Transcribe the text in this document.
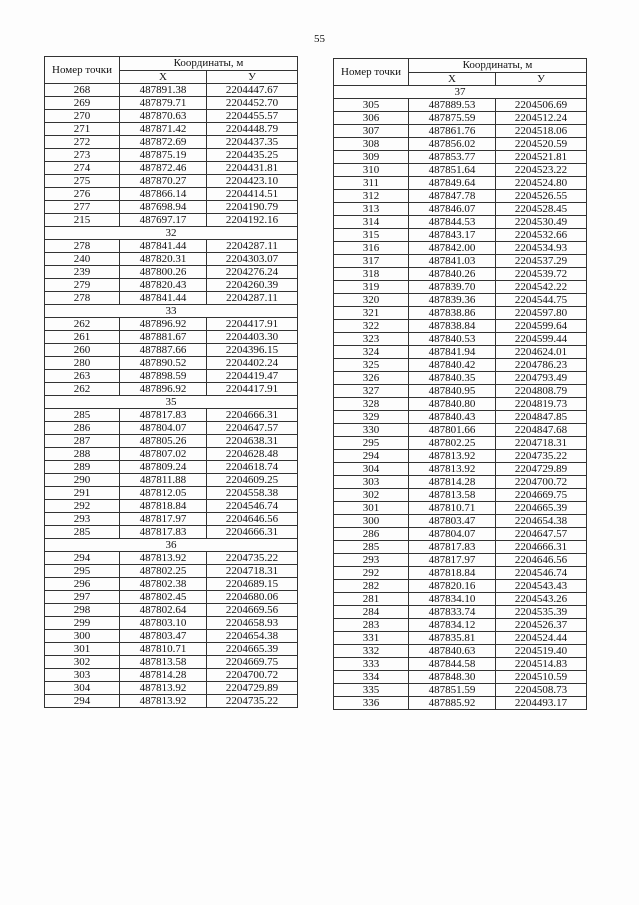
55
Номер точки	Координаты, м	
	X	У
268	487891.38	2204447.67
269	487879.71	2204452.70
270	487870.63	2204455.57
271	487871.42	2204448.79
272	487872.69	2204437.35
273	487875.19	2204435.25
274	487872.46	2204431.81
275	487870.27	2204423.10
276	487866.14	2204414.51
277	487698.94	2204190.79
215	487697.17	2204192.16
32		
278	487841.44	2204287.11
240	487820.31	2204303.07
239	487800.26	2204276.24
279	487820.43	2204260.39
278	487841.44	2204287.11
33		
262	487896.92	2204417.91
261	487881.67	2204403.30
260	487887.66	2204396.15
280	487890.52	2204402.24
263	487898.59	2204419.47
262	487896.92	2204417.91
35		
285	487817.83	2204666.31
286	487804.07	2204647.57
287	487805.26	2204638.31
288	487807.02	2204628.48
289	487809.24	2204618.74
290	487811.88	2204609.25
291	487812.05	2204558.38
292	487818.84	2204546.74
293	487817.97	2204646.56
285	487817.83	2204666.31
36		
294	487813.92	2204735.22
295	487802.25	2204718.31
296	487802.38	2204689.15
297	487802.45	2204680.06
298	487802.64	2204669.56
299	487803.10	2204658.93
300	487803.47	2204654.38
301	487810.71	2204665.39
302	487813.58	2204669.75
303	487814.28	2204700.72
304	487813.92	2204729.89
294	487813.92	2204735.22
Номер точки	Координаты, м	
	X	У
37		
305	487889.53	2204506.69
306	487875.59	2204512.24
307	487861.76	2204518.06
308	487856.02	2204520.59
309	487853.77	2204521.81
310	487851.64	2204523.22
311	487849.64	2204524.80
312	487847.78	2204526.55
313	487846.07	2204528.45
314	487844.53	2204530.49
315	487843.17	2204532.66
316	487842.00	2204534.93
317	487841.03	2204537.29
318	487840.26	2204539.72
319	487839.70	2204542.22
320	487839.36	2204544.75
321	487838.86	2204597.80
322	487838.84	2204599.64
323	487840.53	2204599.44
324	487841.94	2204624.01
325	487840.42	2204786.23
326	487840.35	2204793.49
327	487840.95	2204808.79
328	487840.80	2204819.73
329	487840.43	2204847.85
330	487801.66	2204847.68
295	487802.25	2204718.31
294	487813.92	2204735.22
304	487813.92	2204729.89
303	487814.28	2204700.72
302	487813.58	2204669.75
301	487810.71	2204665.39
300	487803.47	2204654.38
286	487804.07	2204647.57
285	487817.83	2204666.31
293	487817.97	2204646.56
292	487818.84	2204546.74
282	487820.16	2204543.43
281	487834.10	2204543.26
284	487833.74	2204535.39
283	487834.12	2204526.37
331	487835.81	2204524.44
332	487840.63	2204519.40
333	487844.58	2204514.83
334	487848.30	2204510.59
335	487851.59	2204508.73
336	487885.92	2204493.17
